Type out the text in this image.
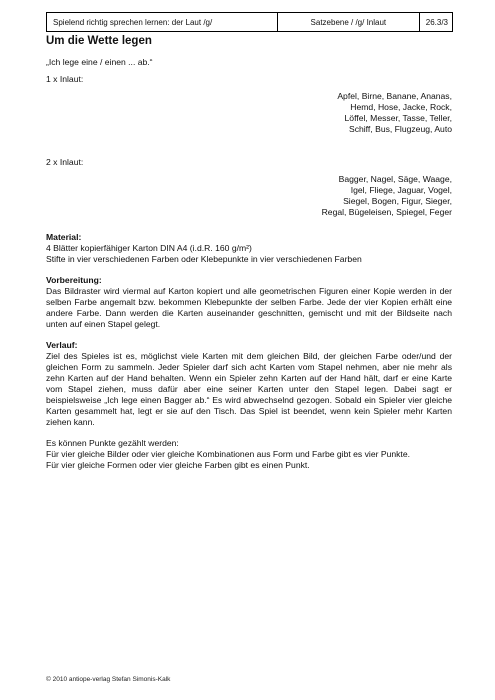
Spielend richtig sprechen lernen: der Laut /g/	Satzebene / /g/ Inlaut	26.3/3
Um die Wette legen

„Ich lege eine / einen ... ab.“

1 x Inlaut:

Apfel, Birne, Banane, Ananas,
Hemd, Hose, Jacke, Rock,
Löffel, Messer, Tasse, Teller,
Schiff, Bus, Flugzeug, Auto

2 x Inlaut:

Bagger, Nagel, Säge, Waage,
Igel, Fliege, Jaguar, Vogel,
Siegel, Bogen, Figur, Sieger,
Regal, Bügeleisen, Spiegel, Feger

Material:

4 Blätter kopierfähiger Karton DIN A4 (i.d.R. 160 g/m²)

Stifte in vier verschiedenen Farben oder Klebepunkte in vier verschiedenen Farben

Vorbereitung:

Das Bildraster wird viermal auf Karton kopiert und alle geometrischen Figuren einer Kopie werden in der selben Farbe angemalt bzw. bekommen Klebepunkte der selben Farbe. Jede der vier Kopien erhält eine andere Farbe. Dann werden die Karten auseinander geschnitten, gemischt und mit der Bildseite nach unten auf einen Stapel gelegt.

Verlauf:

Ziel des Spieles ist es, möglichst viele Karten mit dem gleichen Bild, der gleichen Farbe oder/und der gleichen Form zu sammeln. Jeder Spieler darf sich acht Karten vom Stapel nehmen, aber nie mehr als zehn Karten auf der Hand behalten. Wenn ein Spieler zehn Karten auf der Hand hält, darf er eine Karte vom Stapel ziehen, muss dafür aber eine seiner Karten unter den Stapel legen. Dabei sagt er beispielsweise „Ich lege einen Bagger ab.“ Es wird abwechselnd gezogen. Sobald ein Spieler vier gleiche Karten gesammelt hat, legt er sie auf den Tisch. Das Spiel ist beendet, wenn kein Spieler mehr Karten ziehen kann.

Es können Punkte gezählt werden:

Für vier gleiche Bilder oder vier gleiche Kombinationen aus Form und Farbe gibt es vier Punkte.

Für vier gleiche Formen oder vier gleiche Farben gibt es einen Punkt.

© 2010 antiope-verlag Stefan Simonis-Kalk
